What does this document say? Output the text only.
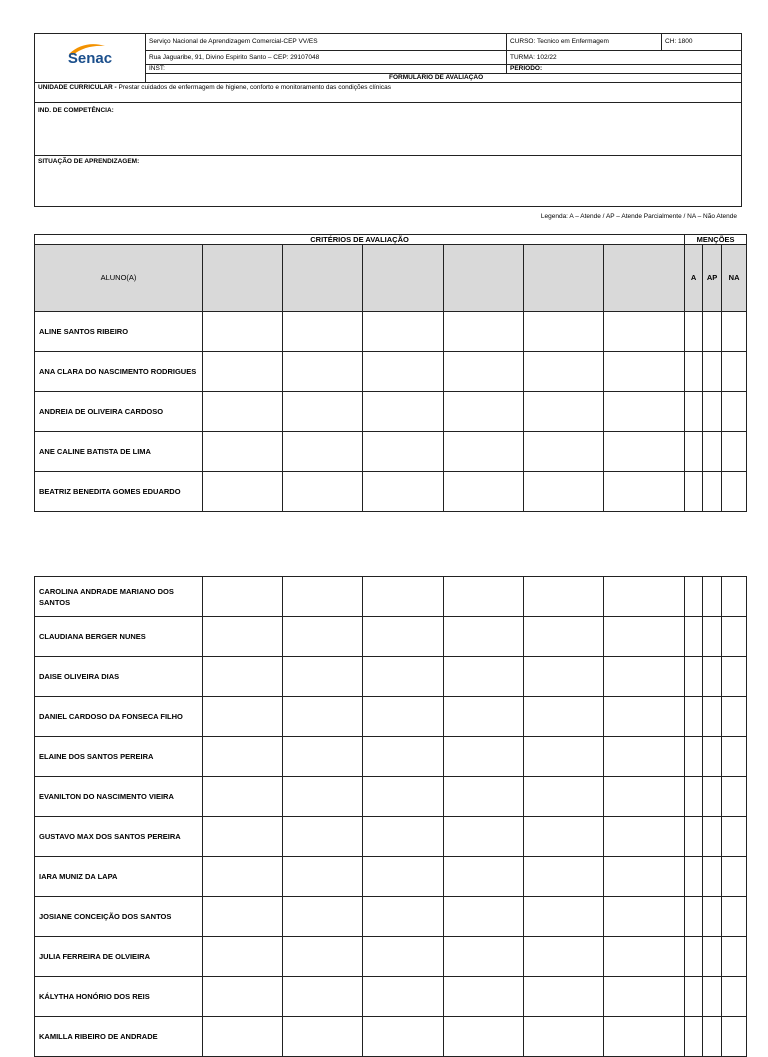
Senac	Serviço Nacional de Aprendizagem Comercial-CEP VV/ES	CURSO: Tecnico em Enfermagem	CH: 1800
	Rua Jaguaribe, 91, Divino Espirito Santo – CEP: 29107048	TURMA: 102/22	
	INST:	PERIODO:	
	FORMULÁRIO DE AVALIAÇÃO		
UNIDADE CURRICULAR - Prestar cuidados de enfermagem de higiene, conforto e monitoramento das condições clínicas			
IND. DE COMPETÊNCIA:			
SITUAÇÃO DE APRENDIZAGEM:			
Legenda: A – Atende / AP – Atende Parcialmente / NA – Não Atende
CRITÉRIOS DE AVALIAÇÃO							MENÇÕES		
ALUNO(A)							A	AP	NA
ALINE SANTOS RIBEIRO									
ANA CLARA DO NASCIMENTO RODRIGUES									
ANDREIA DE OLIVEIRA CARDOSO									
ANE CALINE BATISTA DE LIMA									
BEATRIZ BENEDITA GOMES EDUARDO									
CAROLINA ANDRADE MARIANO DOS SANTOS									
CLAUDIANA BERGER NUNES									
DAISE OLIVEIRA DIAS									
DANIEL CARDOSO DA FONSECA FILHO									
ELAINE DOS SANTOS PEREIRA									
EVANILTON DO NASCIMENTO VIEIRA									
GUSTAVO MAX DOS SANTOS PEREIRA									
IARA MUNIZ DA LAPA									
JOSIANE CONCEIÇÃO DOS SANTOS									
JULIA FERREIRA DE OLVIEIRA									
KÁLYTHA HONÓRIO DOS REIS									
KAMILLA RIBEIRO DE ANDRADE									
